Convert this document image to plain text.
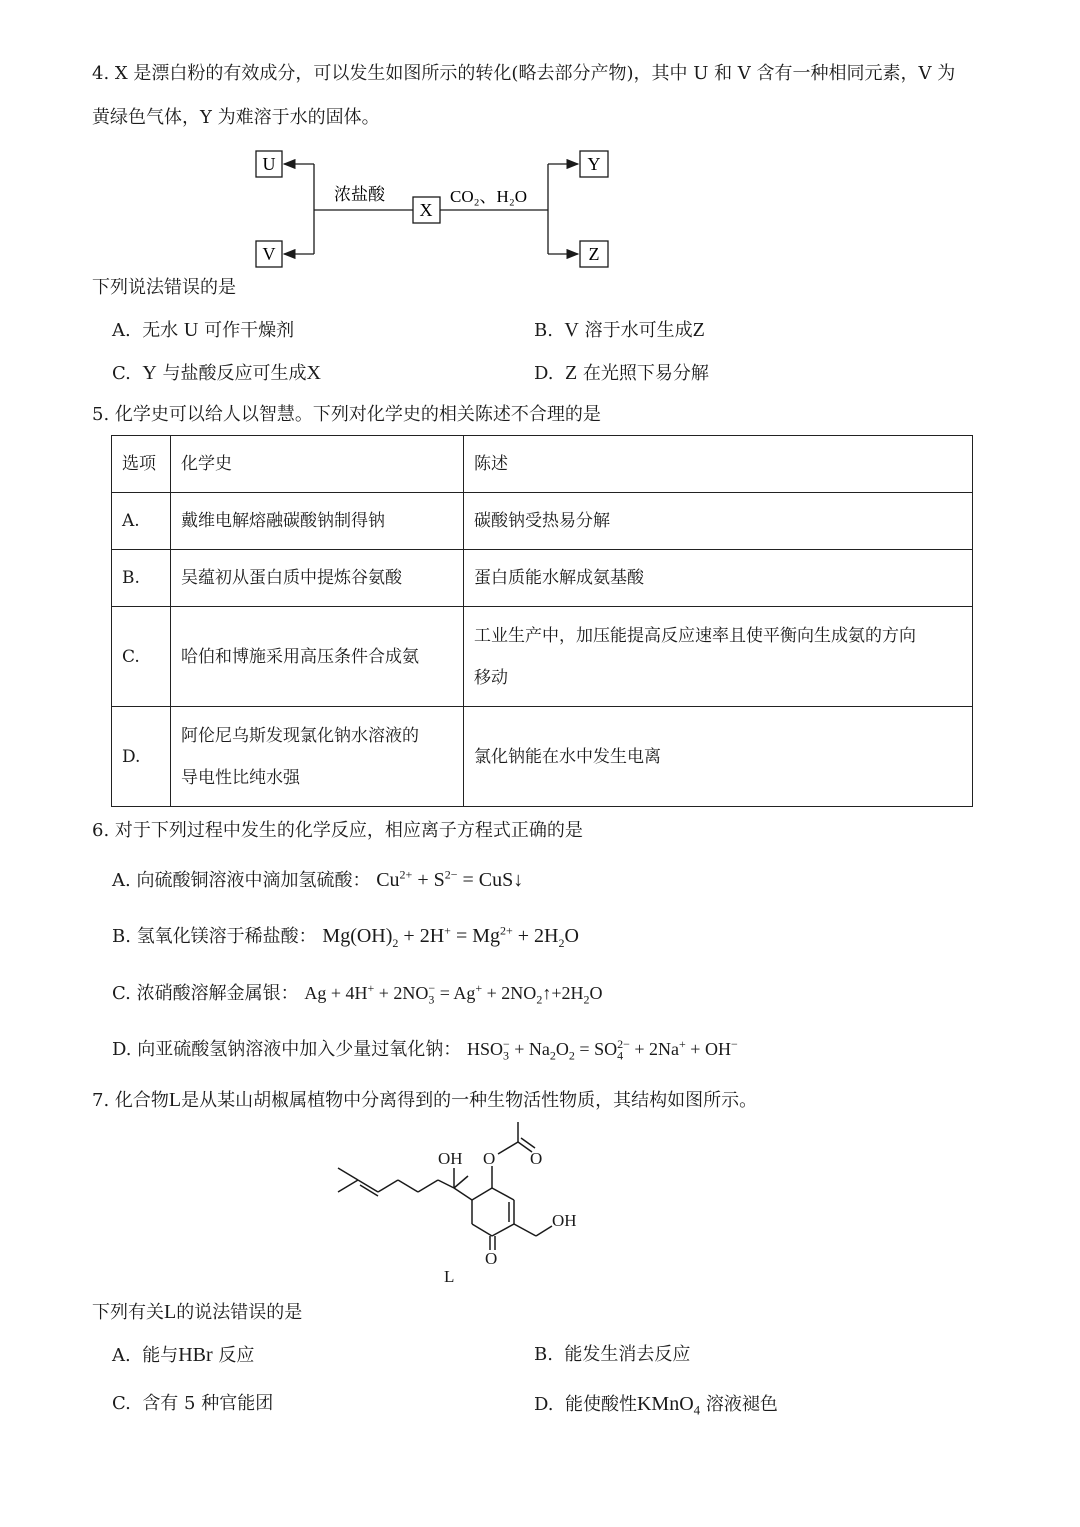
4. X 是漂白粉的有效成分，可以发生如图所示的转化(略去部分产物)，其中 U 和 V 含有一种相同元素，V 为
黄绿色气体，Y 为难溶于水的固体。
U
V
X
Y
Z
浓盐酸	CO₂、H₂O
下列说法错误的是
A. 无水 U 可作干燥剂	B. V 溶于水可生成Z
C. Y 与盐酸反应可生成X	D. Z 在光照下易分解
5. 化学史可以给人以智慧。下列对化学史的相关陈述不合理的是
选项	化学史	陈述
A.	戴维电解熔融碳酸钠制得钠	碳酸钠受热易分解
B.	吴蕴初从蛋白质中提炼谷氨酸	蛋白质能水解成氨基酸
C.	哈伯和博施采用高压条件合成氨	工业生产中，加压能提高反应速率且使平衡向生成氨的方向
移动

D.	阿伦尼乌斯发现氯化钠水溶液的
导电性比纯水强	氯化钠能在水中发生电离
6. 对于下列过程中发生的化学反应，相应离子方程式正确的是
A. 向硫酸铜溶液中滴加氢硫酸： $Cu^{2+} + S^{2-}$ = CuS↓
B. 氢氧化镁溶于稀盐酸： $Mg(OH)_2 + 2H^+ = Mg^{2+} + 2H_2O$
C. 浓硝酸溶解金属银： $Ag + 4H^+ + 2NO_3^- = Ag^+$ + $2NO_2↑+2H_2O$
D. 向亚硫酸氢钠溶液中加入少量过氧化钠： $HSO_3^- + Na_2O_2 = SO_4^{2-} + 2Na^+ + OH^-$
7. 化合物L是从某山胡椒属植物中分离得到的一种生物活性物质，其结构如图所示。
OH O O
OH
O
L
下列有关L的说法错误的是
A. 能与HBr 反应	B. 能发生消去反应
C. 含有 5 种官能团	D. 能使酸性KMnO$_4$ 溶液褪色
